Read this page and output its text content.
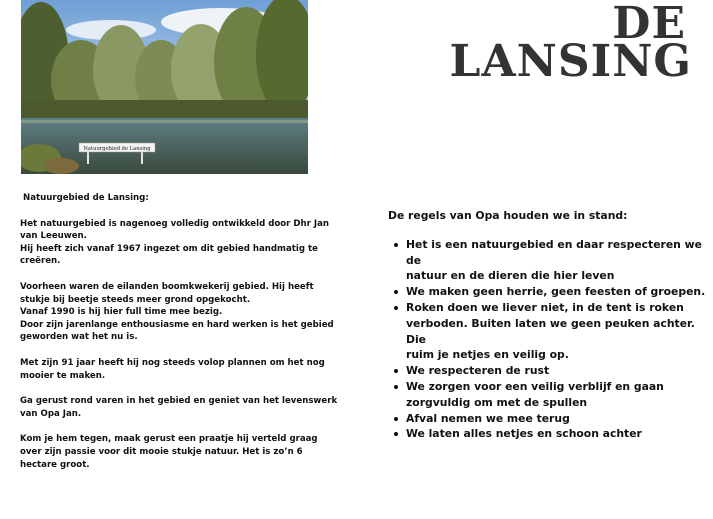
Natuurgebied de Lansing
DE
LANSING

Natuurgebied de Lansing:

Het natuurgebied is nagenoeg volledig ontwikkeld door Dhr Jan
van Leeuwen.
Hij heeft zich vanaf 1967 ingezet om dit gebied handmatig te
creëren.

Voorheen waren de eilanden boomkwekerij gebied. Hij heeft
stukje bij beetje steeds meer grond opgekocht.
Vanaf 1990 is hij hier full time mee bezig.
Door zijn jarenlange enthousiasme en hard werken is het gebied
geworden wat het nu is.

Met zijn 91 jaar heeft hij nog steeds volop plannen om het nog
mooier te maken.

Ga gerust rond varen in het gebied en geniet van het levenswerk
van Opa Jan.

Kom je hem tegen, maak gerust een praatje hij verteld graag
over zijn passie voor dit mooie stukje natuur. Het is zo’n 6
hectare groot.

De regels van Opa houden we in stand:
Het is een natuurgebied en daar respecteren we de
natuur en de dieren die hier leven
We maken geen herrie, geen feesten of groepen.
Roken doen we liever niet, in de tent is roken
verboden. Buiten laten we geen peuken achter. Die
ruim je netjes en veilig op.
We respecteren de rust
We zorgen voor een veilig verblijf en gaan
zorgvuldig om met de spullen
Afval nemen we mee terug
We laten alles netjes en schoon achter
